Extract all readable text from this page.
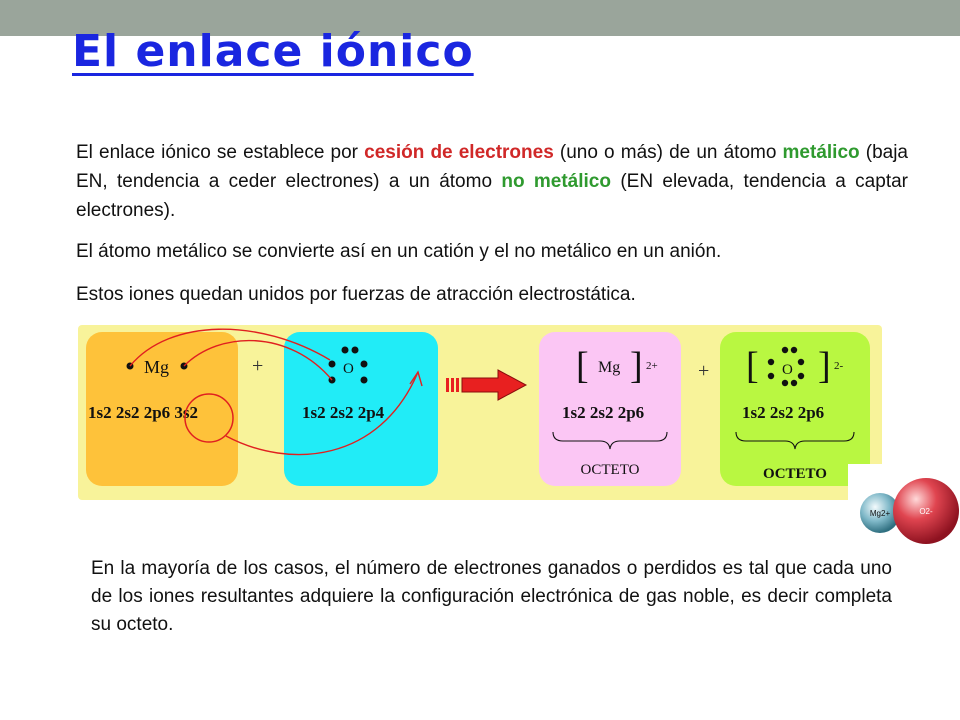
El enlace iónico

El enlace iónico se establece por cesión de electrones (uno o más) de un átomo metálico (baja EN, tendencia a ceder electrones) a un átomo no metálico (EN elevada, tendencia a captar electrones).

El átomo metálico se convierte así en un catión y el no metálico en un anión.

Estos iones quedan unidos por fuerzas de atracción electrostática.

Mg
1s2 2s2 2p6 3s2
+	O
1s2 2s2 2p4
[ Mg ] 2+
1s2 2s2 2p6
OCTETO
+ [ O ] 2-
1s2 2s2 2p6
OCTETO
Mg2+	O2-

En la mayoría de los casos, el número de electrones ganados o perdidos es tal que cada uno de los iones resultantes adquiere la configuración electrónica de gas noble, es decir completa su octeto.
